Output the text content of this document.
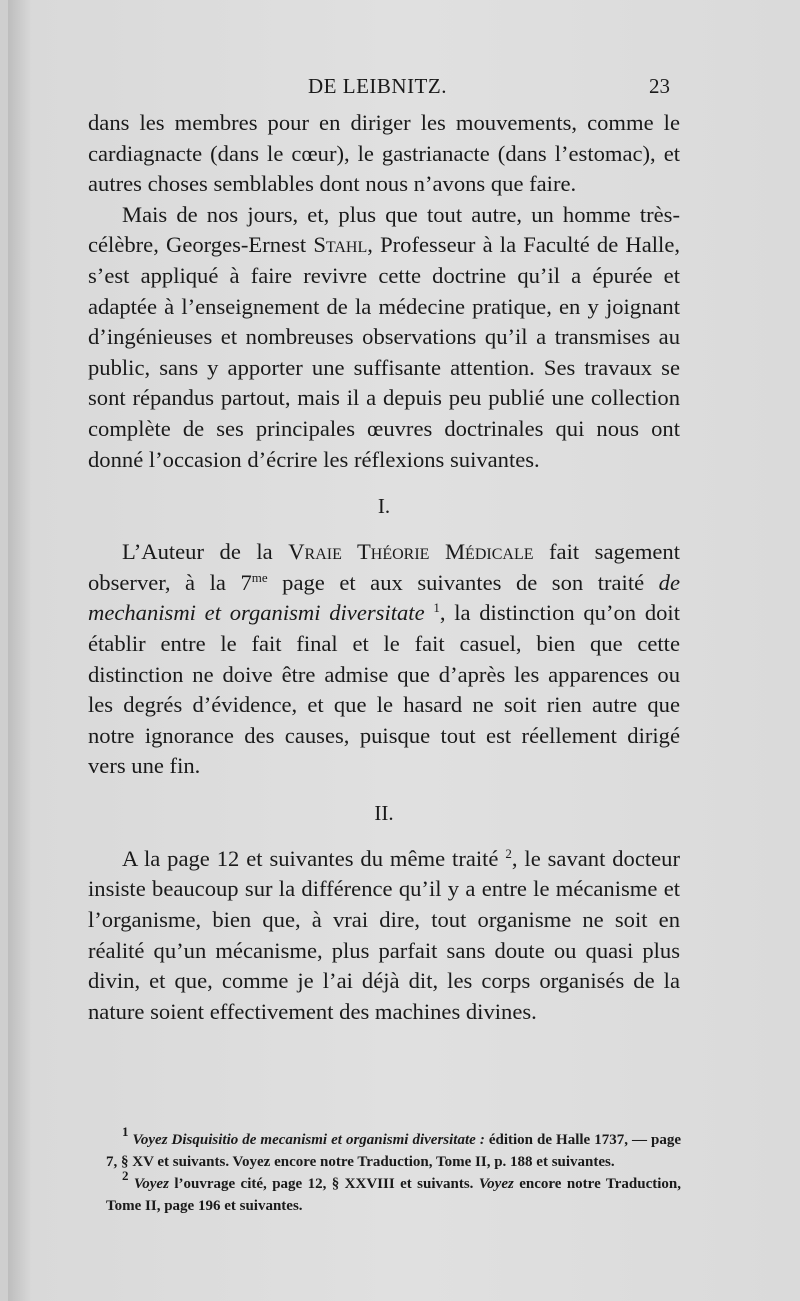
DE LEIBNITZ.	23

dans les membres pour en diriger les mouvements, comme le cardiagnacte (dans le cœur), le gastrianacte (dans l’estomac), et autres choses semblables dont nous n’avons que faire.

Mais de nos jours, et, plus que tout autre, un homme très-célèbre, Georges-Ernest Stahl, Professeur à la Faculté de Halle, s’est appliqué à faire revivre cette doctrine qu’il a épurée et adaptée à l’enseignement de la médecine pratique, en y joignant d’ingénieuses et nombreuses observations qu’il a transmises au public, sans y apporter une suffisante attention. Ses travaux se sont répandus partout, mais il a depuis peu publié une collection complète de ses principales œuvres doctrinales qui nous ont donné l’occasion d’écrire les réflexions suivantes.

I.

L’Auteur de la Vraie Théorie Médicale fait sagement observer, à la $7^{me}$ page et aux suivantes de son traité de mechanismi et organismi diversitate $^1$, la distinction qu’on doit établir entre le fait final et le fait casuel, bien que cette distinction ne doive être admise que d’après les apparences ou les degrés d’évidence, et que le hasard ne soit rien autre que notre ignorance des causes, puisque tout est réellement dirigé vers une fin.

II.

A la page 12 et suivantes du même traité $^2$, le savant docteur insiste beaucoup sur la différence qu’il y a entre le mécanisme et l’organisme, bien que, à vrai dire, tout organisme ne soit en réalité qu’un mécanisme, plus parfait sans doute ou quasi plus divin, et que, comme je l’ai déjà dit, les corps organisés de la nature soient effectivement des machines divines.

$^1$ Voyez Disquisitio de mecanismi et organismi diversitate : édition de Halle 1737, — page 7, § XV et suivants. Voyez encore notre Traduction, Tome II, p. 188 et suivantes.

$^2$ Voyez l’ouvrage cité, page 12, § XXVIII et suivants. Voyez encore notre Traduction, Tome II, page 196 et suivantes.
